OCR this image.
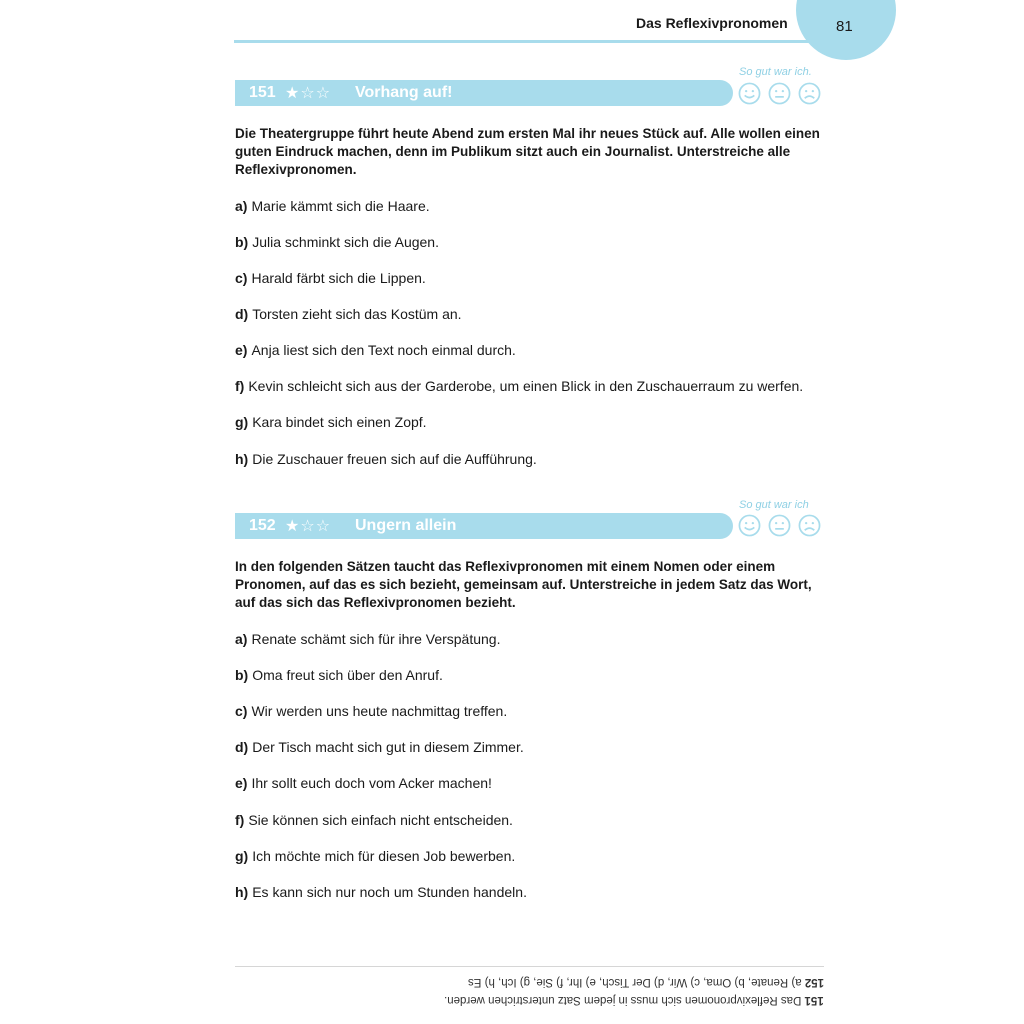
81
Das Reflexivpronomen
So gut war ich.
151 ★☆☆ Vorhang auf!
Die Theatergruppe führt heute Abend zum ersten Mal ihr neues Stück auf. Alle wollen einen guten Eindruck machen, denn im Publikum sitzt auch ein Journalist. Unterstreiche alle Reflexivpronomen.
a) Marie kämmt sich die Haare.
b) Julia schminkt sich die Augen.
c) Harald färbt sich die Lippen.
d) Torsten zieht sich das Kostüm an.
e) Anja liest sich den Text noch einmal durch.
f) Kevin schleicht sich aus der Garderobe, um einen Blick in den Zuschauerraum zu werfen.
g) Kara bindet sich einen Zopf.
h) Die Zuschauer freuen sich auf die Aufführung.
So gut war ich
152 ★☆☆ Ungern allein
In den folgenden Sätzen taucht das Reflexivpronomen mit einem Nomen oder einem Pronomen, auf das es sich bezieht, gemeinsam auf. Unterstreiche in jedem Satz das Wort, auf das sich das Reflexivpronomen bezieht.
a) Renate schämt sich für ihre Verspätung.
b) Oma freut sich über den Anruf.
c) Wir werden uns heute nachmittag treffen.
d) Der Tisch macht sich gut in diesem Zimmer.
e) Ihr sollt euch doch vom Acker machen!
f) Sie können sich einfach nicht entscheiden.
g) Ich möchte mich für diesen Job bewerben.
h) Es kann sich nur noch um Stunden handeln.
152 a) Renate, b) Oma, c) Wir, d) Der Tisch, e) Ihr, f) Sie, g) Ich, h) Es
151 Das Reflexivpronomen sich muss in jedem Satz unterstrichen werden.
